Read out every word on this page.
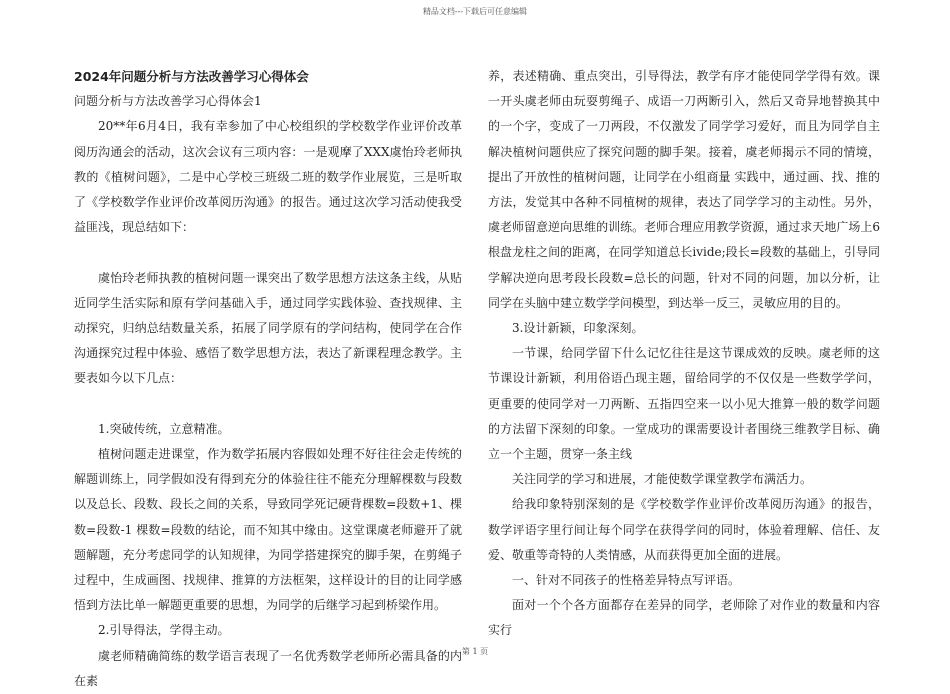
精品文档---下载后可任意编辑

2024年问题分析与方法改善学习心得体会

问题分析与方法改善学习心得体会1

20**年6月4日，我有幸参加了中心校组织的学校数学作业评价改革阅历沟通会的活动，这次会议有三项内容：一是观摩了XXX虞怡玲老师执教的《植树问题》，二是中心学校三班级二班的数学作业展览，三是听取了《学校数学作业评价改革阅历沟通》的报告。通过这次学习活动使我受益匪浅，现总结如下：

虞怡玲老师执教的植树问题一课突出了数学思想方法这条主线，从贴近同学生活实际和原有学问基础入手，通过同学实践体验、查找规律、主动探究，归纳总结数量关系，拓展了同学原有的学问结构，使同学在合作沟通探究过程中体验、感悟了数学思想方法，表达了新课程理念教学。主要表如今以下几点：

1.突破传统，立意精准。

植树问题走进课堂，作为数学拓展内容假如处理不好往往会走传统的解题训练上，同学假如没有得到充分的体验往往不能充分理解棵数与段数以及总长、段数、段长之间的关系，导致同学死记硬背棵数=段数+1、棵数=段数-1 棵数=段数的结论，而不知其中缘由。这堂课虞老师避开了就题解题，充分考虑同学的认知规律，为同学搭建探究的脚手架，在剪绳子过程中，生成画图、找规律、推算的方法框架，这样设计的目的让同学感悟到方法比单一解题更重要的思想，为同学的后继学习起到桥梁作用。

2.引导得法，学得主动。

虞老师精确简练的数学语言表现了一名优秀数学老师所必需具备的内在素

养，表述精确、重点突出，引导得法，教学有序才能使同学学得有效。课一开头虞老师由玩耍剪绳子、成语一刀两断引入，然后又奇异地替换其中的一个字，变成了一刀两段，不仅激发了同学学习爱好，而且为同学自主解决植树问题供应了探究问题的脚手架。接着，虞老师揭示不同的情境，提出了开放性的植树问题，让同学在小组商量 实践中，通过画、找、推的方法，发觉其中各种不同植树的规律，表达了同学学习的主动性。另外，虞老师留意逆向思维的训练。老师合理应用教学资源，通过求天地广场上6根盘龙柱之间的距离，在同学知道总长ivide;段长=段数的基础上，引导同学解决逆向思考段长段数=总长的问题，针对不同的问题，加以分析，让同学在头脑中建立数学学问模型，到达举一反三，灵敏应用的目的。

3.设计新颖，印象深刻。

一节课，给同学留下什么记忆往往是这节课成效的反映。虞老师的这节课设计新颖，利用俗语凸现主题，留给同学的不仅仅是一些数学学问，更重要的使同学对一刀两断、五指四空来一以小见大推算一般的数学问题的方法留下深刻的印象。一堂成功的课需要设计者围绕三维教学目标、确立一个主题，贯穿一条主线

关注同学的学习和进展，才能使数学课堂教学布满活力。

给我印象特别深刻的是《学校数学作业评价改革阅历沟通》的报告，数学评语字里行间让每个同学在获得学问的同时，体验着理解、信任、友爱、敬重等奇特的人类情感，从而获得更加全面的进展。

一、针对不同孩子的性格差异特点写评语。

面对一个个各方面都存在差异的同学，老师除了对作业的数量和内容实行

第 1 页
